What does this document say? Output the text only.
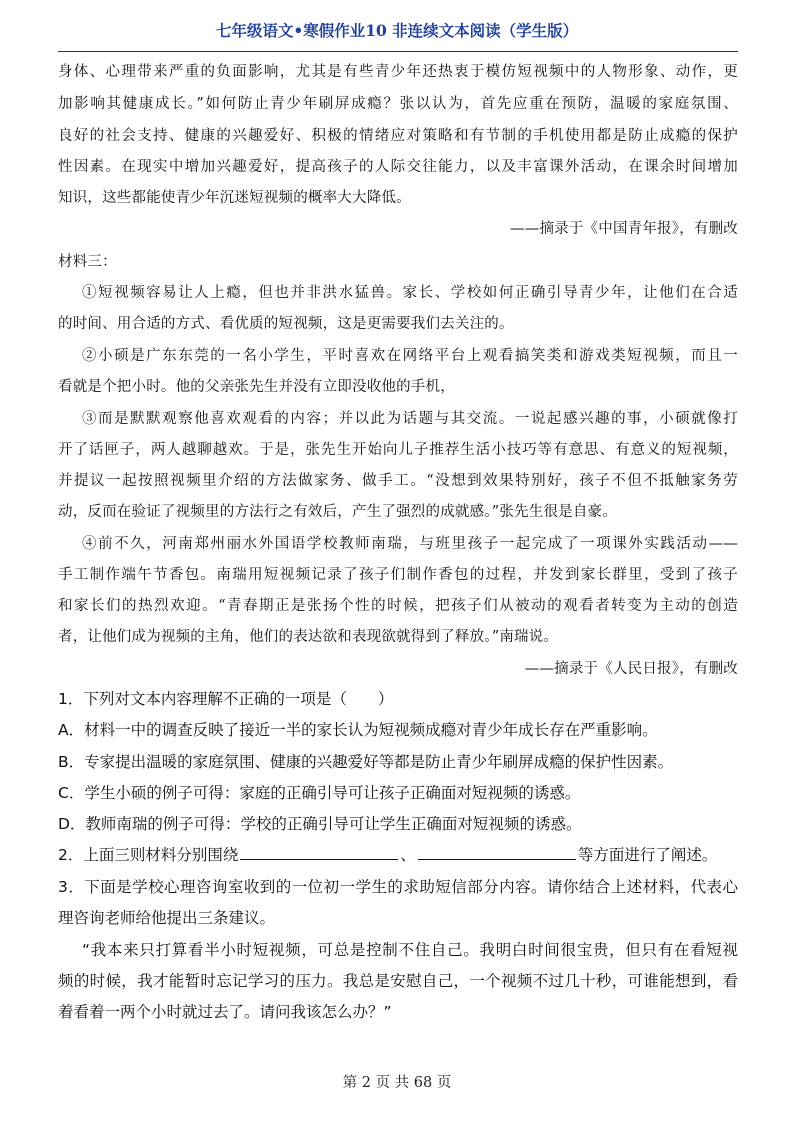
七年级语文•寒假作业10 非连续文本阅读（学生版）
身体、心理带来严重的负面影响，尤其是有些青少年还热衷于模仿短视频中的人物形象、动作，更
加影响其健康成长。”如何防止青少年刷屏成瘾？张以认为，首先应重在预防，温暖的家庭氛围、
良好的社会支持、健康的兴趣爱好、积极的情绪应对策略和有节制的手机使用都是防止成瘾的保护
性因素。在现实中增加兴趣爱好，提高孩子的人际交往能力，以及丰富课外活动，在课余时间增加
知识，这些都能使青少年沉迷短视频的概率大大降低。
——摘录于《中国青年报》，有删改
材料三：
①短视频容易让人上瘾，但也并非洪水猛兽。家长、学校如何正确引导青少年，让他们在合适
的时间、用合适的方式、看优质的短视频，这是更需要我们去关注的。
②小硕是广东东莞的一名小学生，平时喜欢在网络平台上观看搞笑类和游戏类短视频，而且一
看就是个把小时。他的父亲张先生并没有立即没收他的手机，
③而是默默观察他喜欢观看的内容；并以此为话题与其交流。一说起感兴趣的事，小硕就像打
开了话匣子，两人越聊越欢。于是，张先生开始向儿子推荐生活小技巧等有意思、有意义的短视频，
并提议一起按照视频里介绍的方法做家务、做手工。“没想到效果特别好，孩子不但不抵触家务劳
动，反而在验证了视频里的方法行之有效后，产生了强烈的成就感。”张先生很是自豪。
④前不久，河南郑州丽水外国语学校教师南瑞，与班里孩子一起完成了一项课外实践活动——
手工制作端午节香包。南瑞用短视频记录了孩子们制作香包的过程，并发到家长群里，受到了孩子
和家长们的热烈欢迎。“青春期正是张扬个性的时候，把孩子们从被动的观看者转变为主动的创造
者，让他们成为视频的主角，他们的表达欲和表现欲就得到了释放。”南瑞说。
——摘录于《人民日报》，有删改
1．下列对文本内容理解不正确的一项是（　　）
A．材料一中的调查反映了接近一半的家长认为短视频成瘾对青少年成长存在严重影响。
B．专家提出温暖的家庭氛围、健康的兴趣爱好等都是防止青少年刷屏成瘾的保护性因素。
C．学生小硕的例子可得：家庭的正确引导可让孩子正确面对短视频的诱惑。
D．教师南瑞的例子可得：学校的正确引导可让学生正确面对短视频的诱惑。
2．上面三则材料分别围绕	、	等方面进行了阐述。
3．下面是学校心理咨询室收到的一位初一学生的求助短信部分内容。请你结合上述材料，代表心
理咨询老师给他提出三条建议。
“我本来只打算看半小时短视频，可总是控制不住自己。我明白时间很宝贵，但只有在看短视
频的时候，我才能暂时忘记学习的压力。我总是安慰自己，一个视频不过几十秒，可谁能想到，看
着看着一两个小时就过去了。请问我该怎么办？”
第 2 页 共 68 页
